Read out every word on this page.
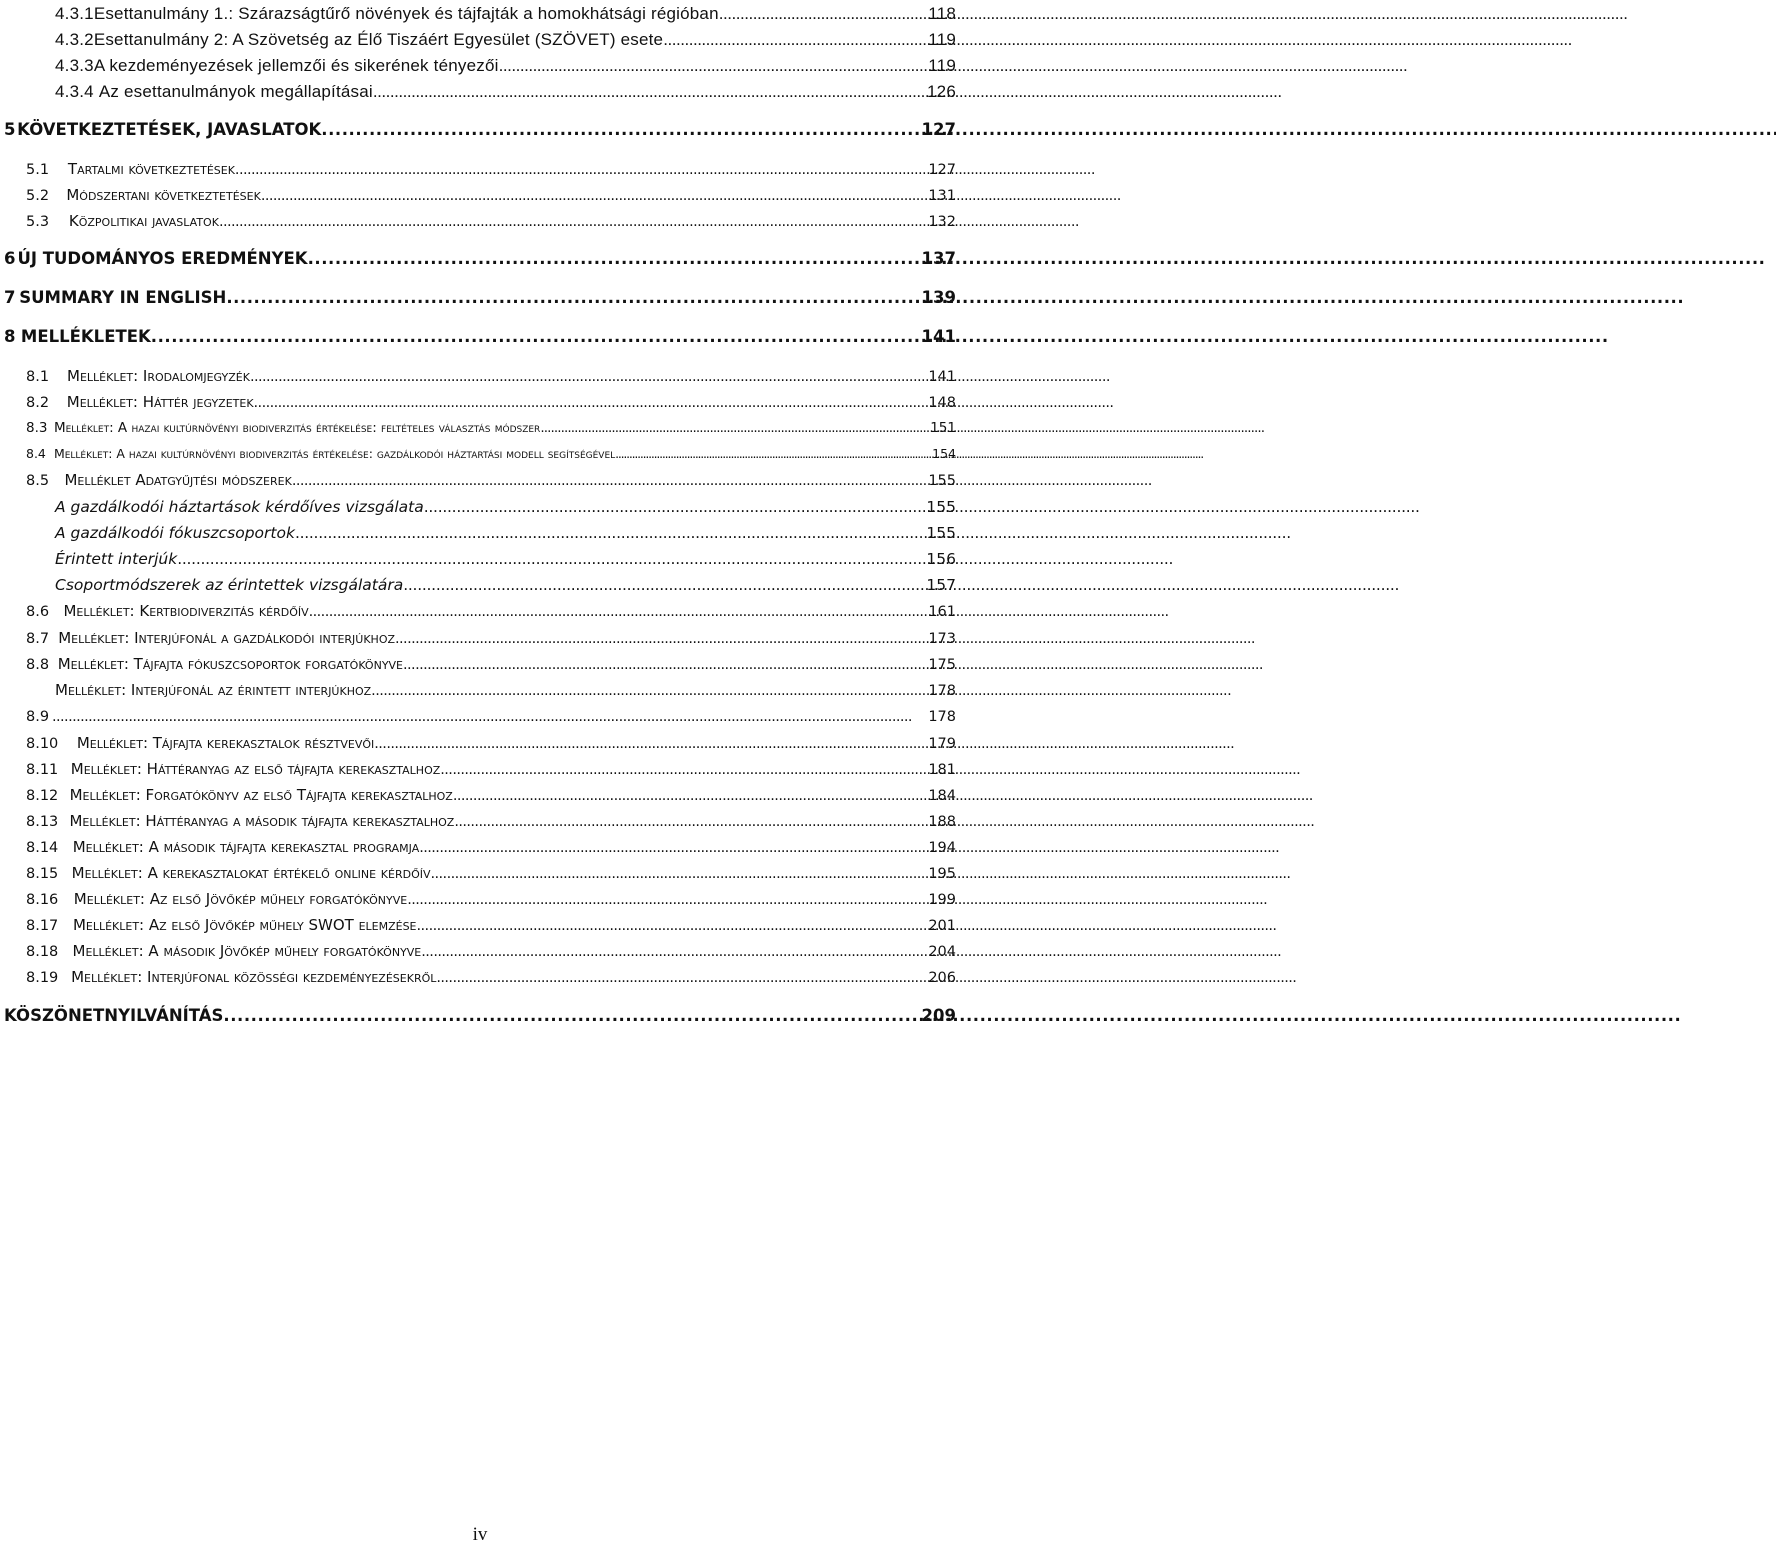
4.3.1 Esettanulmány 1.: Szárazságtűrő növények és tájfajták a homokhátsági régióban . . .	118
4.3.2 Esettanulmány 2: A Szövetség az Élő Tiszáért Egyesület (SZÖVET) esete . . .	119
4.3.3 A kezdeményezések jellemzői és sikerének tényezői . . .	119
4.3.4 Az esettanulmányok megállapításai . . .	126
5 KÖVETKEZTETÉSEK, JAVASLATOK . . .	127
5.1	Tartalmi következtetések . . .	127
5.2	Módszertani következtetések . . .	131
5.3	Közpolitikai javaslatok . . .	132
6 ÚJ TUDOMÁNYOS EREDMÉNYEK . . .	137
7 SUMMARY IN ENGLISH . . .	139
8 MELLÉKLETEK . . .	141
8.1	Melléklet: Irodalomjegyzék . . .	141
8.2	Melléklet: Háttér jegyzetek . . .	148
8.3 Melléklet: A hazai kultúrnövényi biodiverzitás értékelése: feltételes választás módszer . . .	151
8.4 Melléklet: A hazai kultúrnövényi biodiverzitás értékelése: gazdálkodói háztartási modell segítségével . . .	154
8.5	Melléklet Adatgyűjtési módszerek . . .	155
A gazdálkodói háztartások kérdőíves vizsgálata . . .	155
A gazdálkodói fókuszcsoportok . . .	155
Érintett interjúk . . .	156
Csoportmódszerek az érintettek vizsgálatára . . .	157
8.6 Melléklet: Kertbiodiverzitás kérdőív . . .	161
8.7 Melléklet: Interjúfonál a gazdálkodói interjúkhoz . . .	173
8.8 Melléklet: Tájfajta fókuszcsoportok forgatókönyve . . .	175
Melléklet: Interjúfonál az érintett interjúkhoz . . .	178
8.9 . . .	178
8.10	Melléklet: Tájfajta kerekasztalok résztvevői . . .	179
8.11 Melléklet: Háttéranyag az első tájfajta kerekasztalhoz . . .	181
8.12 Melléklet: Forgatókönyv az első Tájfajta kerekasztalhoz . . .	184
8.13 Melléklet: Háttéranyag a második tájfajta kerekasztalhoz . . .	188
8.14 Melléklet: A második tájfajta kerekasztal programja . . .	194
8.15 Melléklet: A kerekasztalokat értékelő online kérdőív . . .	195
8.16	Melléklet: Az első Jövőkép műhely forgatókönyve . . .	199
8.17 Melléklet: Az első Jövőkép műhely SWOT elemzése . . .	201
8.18 Melléklet: A második Jövőkép műhely forgatókönyve . . .	204
8.19 Melléklet: Interjúfonal közösségi kezdeményezésekről . . .	206
KÖSZÖNETNYILVÁNÍTÁS . . .	209
iv
